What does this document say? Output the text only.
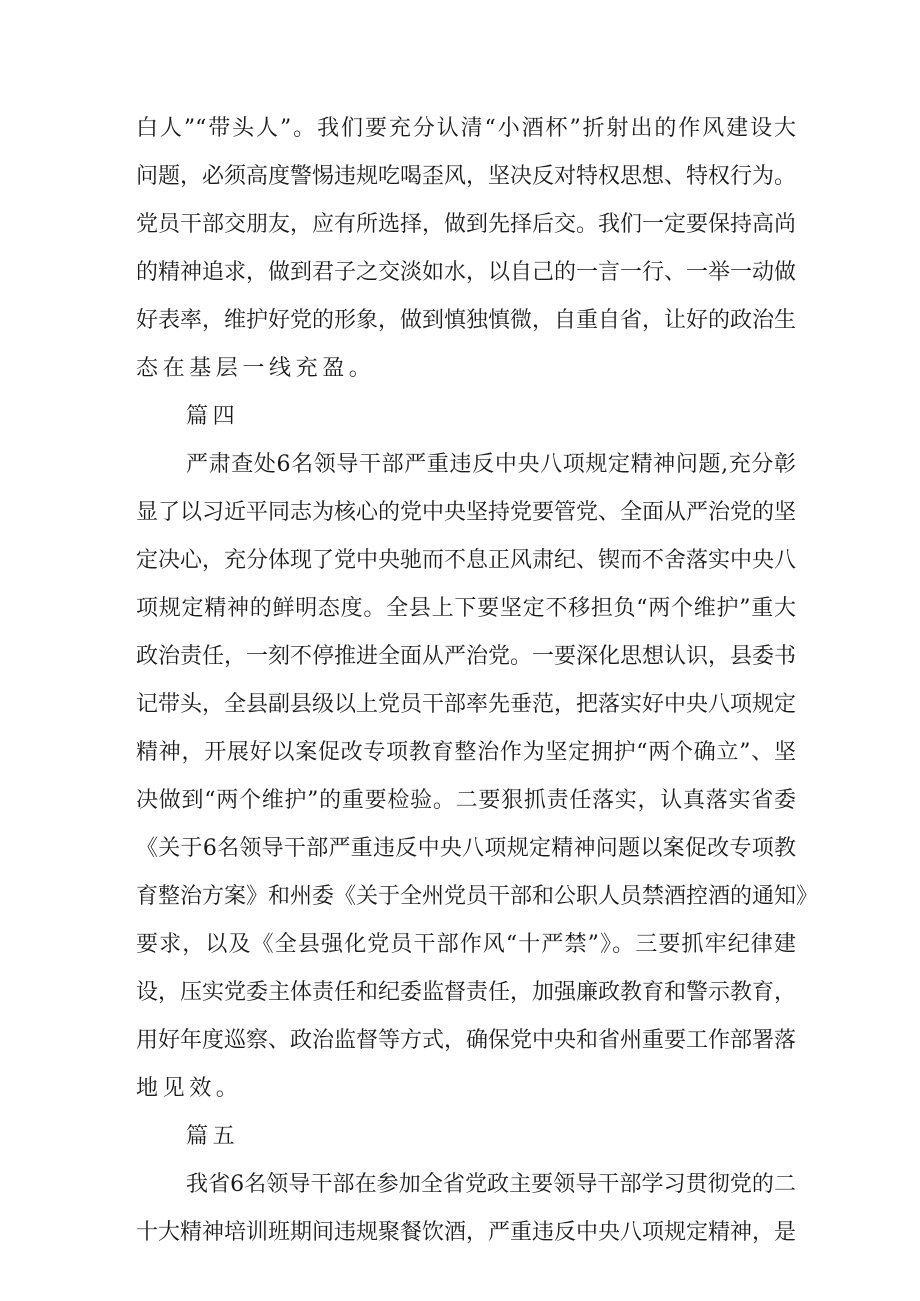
白人”“带头人”。我们要充分认清“小酒杯”折射出的作风建设大
问题，必须高度警惕违规吃喝歪风，坚决反对特权思想、特权行为。
党员干部交朋友，应有所选择，做到先择后交。我们一定要保持高尚
的精神追求，做到君子之交淡如水，以自己的一言一行、一举一动做
好表率，维护好党的形象，做到慎独慎微，自重自省，让好的政治生
态在基层一线充盈。
篇四
严肃查处6名领导干部严重违反中央八项规定精神问题,充分彰
显了以习近平同志为核心的党中央坚持党要管党、全面从严治党的坚
定决心，充分体现了党中央驰而不息正风肃纪、锲而不舍落实中央八
项规定精神的鲜明态度。全县上下要坚定不移担负“两个维护”重大
政治责任，一刻不停推进全面从严治党。一要深化思想认识，县委书
记带头，全县副县级以上党员干部率先垂范，把落实好中央八项规定
精神，开展好以案促改专项教育整治作为坚定拥护“两个确立”、坚
决做到“两个维护”的重要检验。二要狠抓责任落实，认真落实省委
《关于6名领导干部严重违反中央八项规定精神问题以案促改专项教
育整治方案》和州委《关于全州党员干部和公职人员禁酒控酒的通知》
要求，以及《全县强化党员干部作风“十严禁”》。三要抓牢纪律建
设，压实党委主体责任和纪委监督责任，加强廉政教育和警示教育，
用好年度巡察、政治监督等方式，确保党中央和省州重要工作部署落
地见效。
篇五
我省6名领导干部在参加全省党政主要领导干部学习贯彻党的二
十大精神培训班期间违规聚餐饮酒，严重违反中央八项规定精神，是
